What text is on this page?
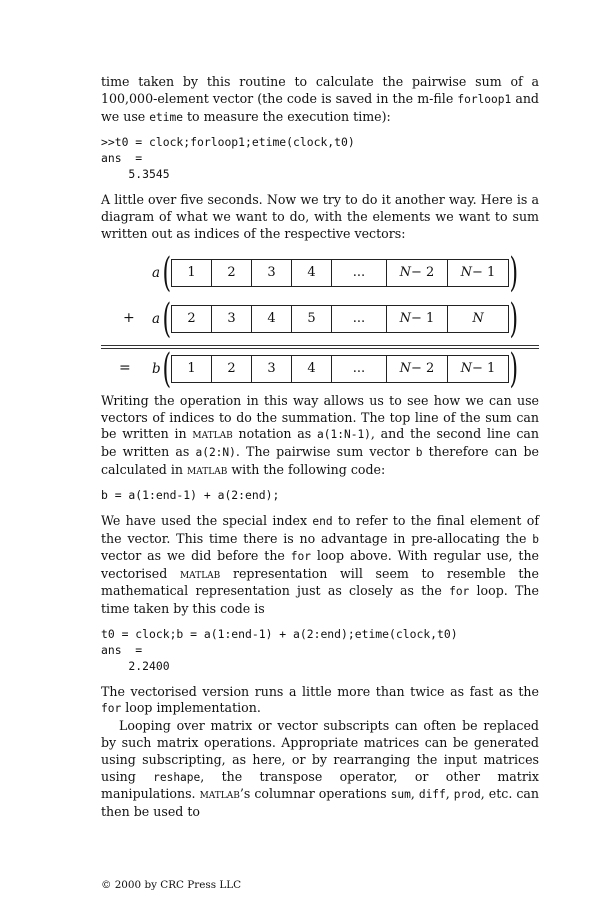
time taken by this routine to calculate the pairwise sum of a 100,000-element vector (the code is saved in the m-file forloop1 and we use etime to measure the execution time):

>>t0 = clock;forloop1;etime(clock,t0)
ans  =
5.3545

A little over five seconds. Now we try to do it another way. Here is a diagram of what we want to do, with the elements we want to sum written out as indices of the respective vectors:

a (	1	2	3	4	...	N − 2	N − 1 )
+ a (	2	3	4	5	...	N − 1	N )
= b (	1	2	3	4	...	N − 2	N − 1 )

Writing the operation in this way allows us to see how we can use vectors of indices to do the summation. The top line of the sum can be written in matlab notation as a(1:N-1), and the second line can be written as a(2:N). The pairwise sum vector b therefore can be calculated in matlab with the following code:

b = a(1:end-1) + a(2:end);

We have used the special index end to refer to the final element of the vector. This time there is no advantage in pre-allocating the b vector as we did before the for loop above. With regular use, the vectorised matlab representation will seem to resemble the mathematical representation just as closely as the for loop. The time taken by this code is

t0 = clock;b = a(1:end-1) + a(2:end);etime(clock,t0)
ans  =
2.2400

The vectorised version runs a little more than twice as fast as the for loop implementation.

Looping over matrix or vector subscripts can often be replaced by such matrix operations. Appropriate matrices can be generated using subscripting, as here, or by rearranging the input matrices using reshape, the transpose operator, or other matrix manipulations. matlab’s columnar operations sum, diff, prod, etc. can then be used to

© 2000 by CRC Press LLC
